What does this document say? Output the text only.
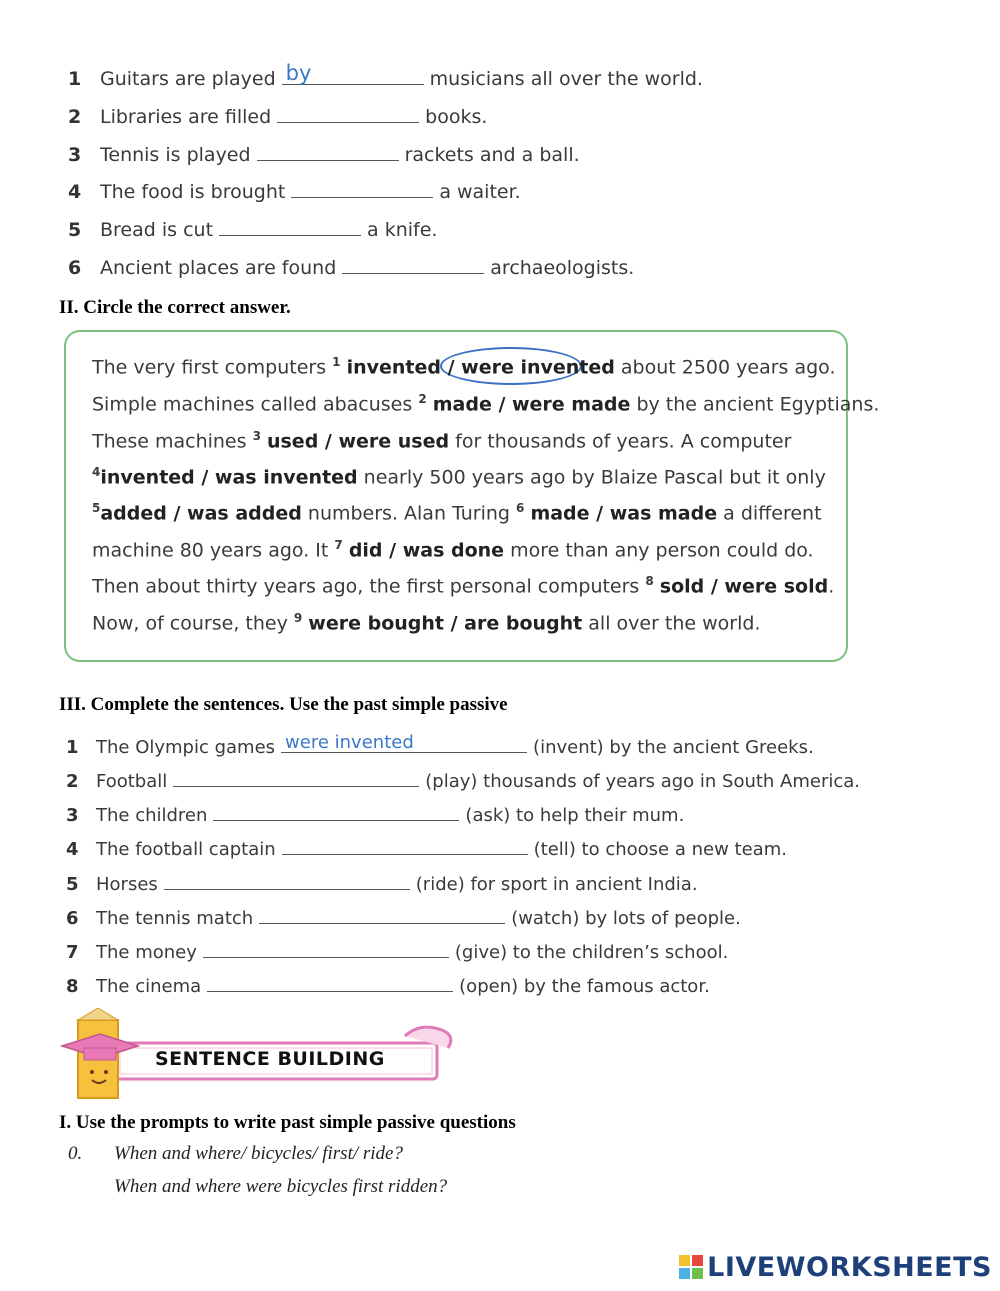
1 Guitars are played
by	musicians all over the world.
2 Libraries are filled	books.
3 Tennis is played	rackets and a ball.
4 The food is brought	a waiter.
5 Bread is cut	a knife.
6 Ancient places are found	archaeologists.
II. Circle the correct answer.
The very first computers $^1$ invented / were invented about 2500 years ago.
Simple machines called abacuses $^2$ made / were made by the ancient Egyptians.
These machines $^3$ used / were used for thousands of years. A computer
$^4$invented / was invented nearly 500 years ago by Blaize Pascal but it only
$^5$added / was added numbers. Alan Turing $^6$ made / was made a different
machine 80 years ago. It $^7$ did / was done more than any person could do.
Then about thirty years ago, the first personal computers $^8$ sold / were sold.
Now, of course, they $^9$ were bought / are bought all over the world.
III. Complete the sentences. Use the past simple passive
1 The Olympic games
were invented	(invent) by the ancient Greeks.
2 Football	(play) thousands of years ago in South America.
3 The children	(ask) to help their mum.
4 The football captain	(tell) to choose a new team.
5 Horses	(ride) for sport in ancient India.
6 The tennis match	(watch) by lots of people.
7 The money	(give) to the children’s school.
8 The cinema	(open) by the famous actor.
SENTENCE BUILDING
I. Use the prompts to write past simple passive questions
0. When and where/ bicycles/ first/ ride?
When and where were bicycles first ridden?
LIVEWORKSHEETS
